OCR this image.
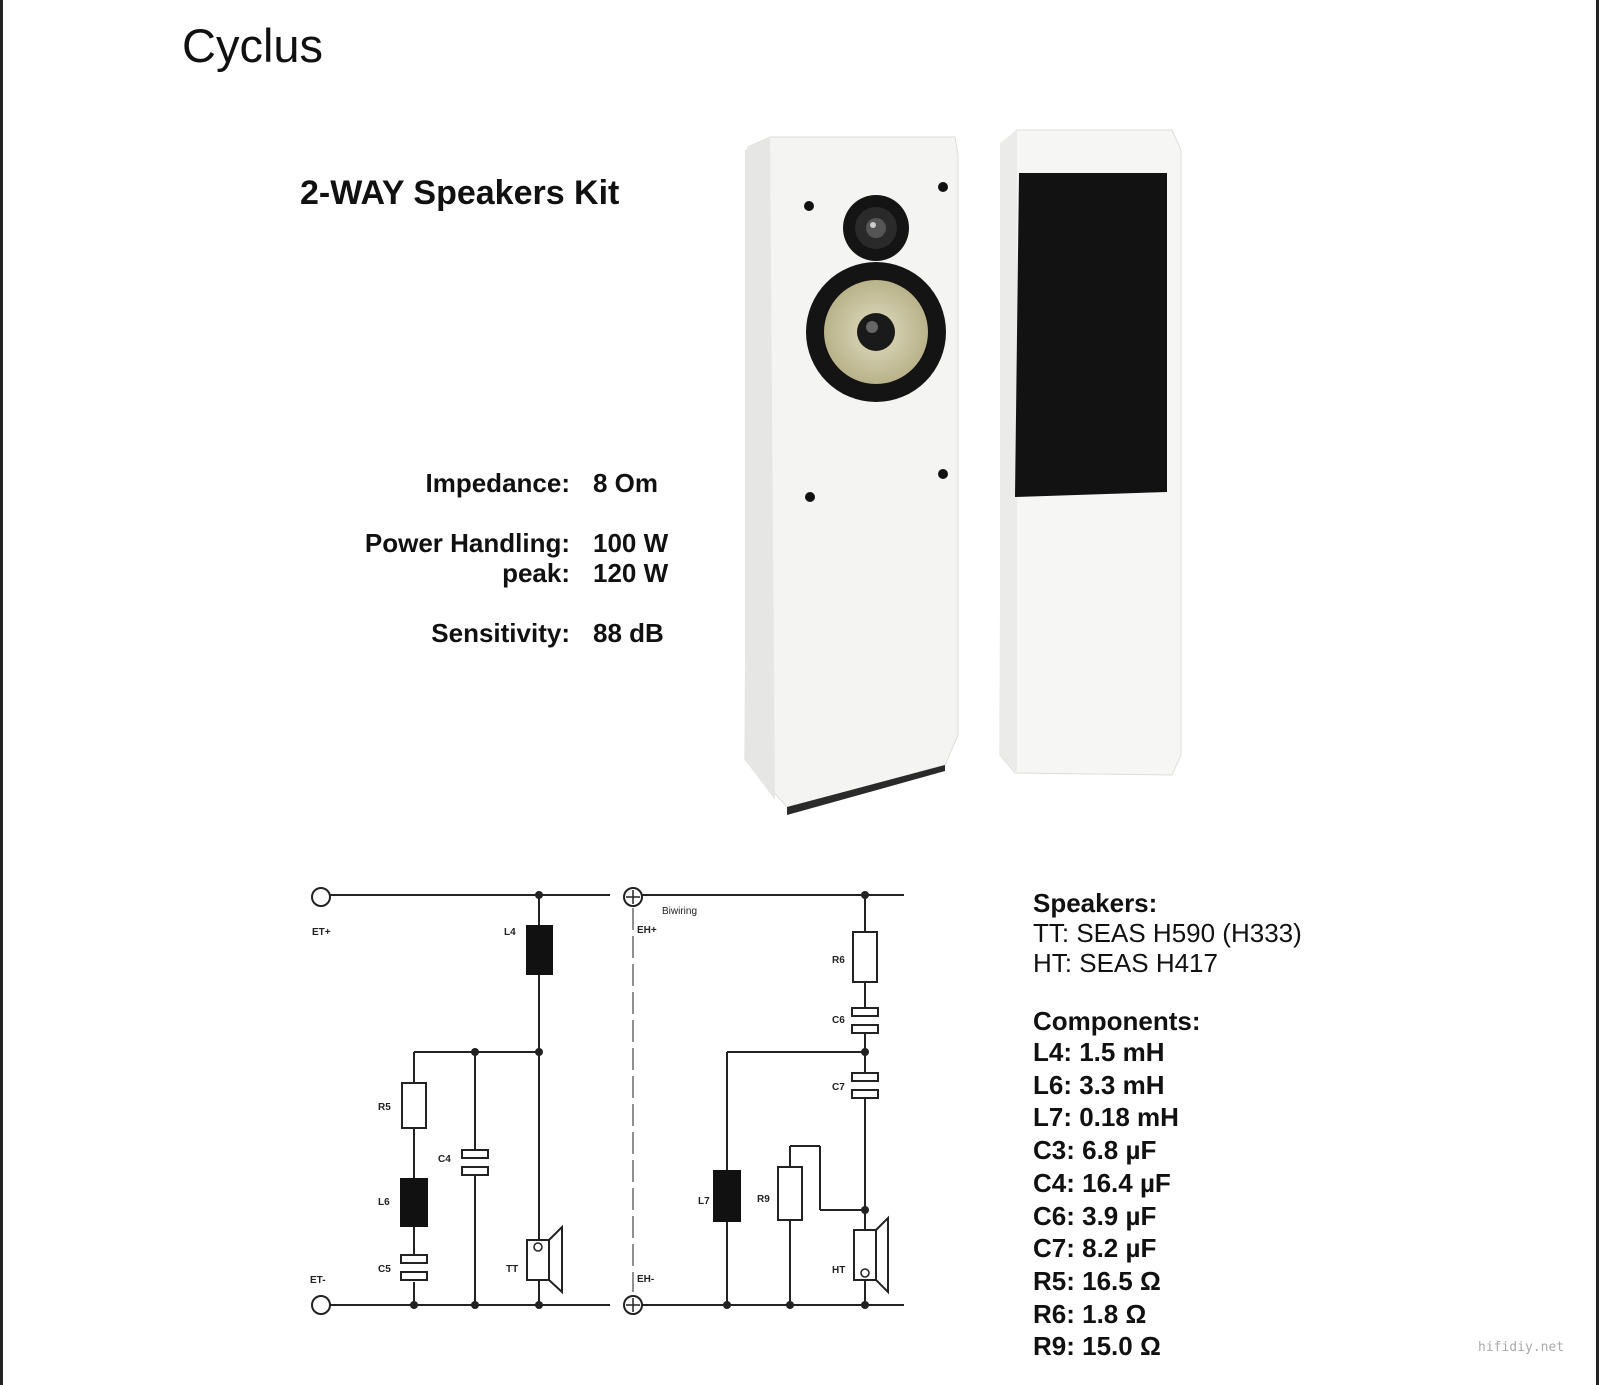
Cyclus
2-WAY Speakers Kit
Impedance: 8 Om
Power Handling: 100 W
peak: 120 W
Sensitivity: 88 dB
ET+
ET-
EH+
EH-
Biwiring
L4
R5
L6
C5
C4
TT
R6
C6
C7
L7	R9
HT
Speakers:
TT: SEAS H590 (H333)
HT: SEAS H417
Components:
L4: 1.5 mH
L6: 3.3 mH
L7: 0.18 mH
C3: 6.8 µF
C4: 16.4 µF
C6: 3.9 µF
C7: 8.2 µF
R5: 16.5 Ω
R6: 1.8 Ω
R9: 15.0 Ω	hifidiy.net
